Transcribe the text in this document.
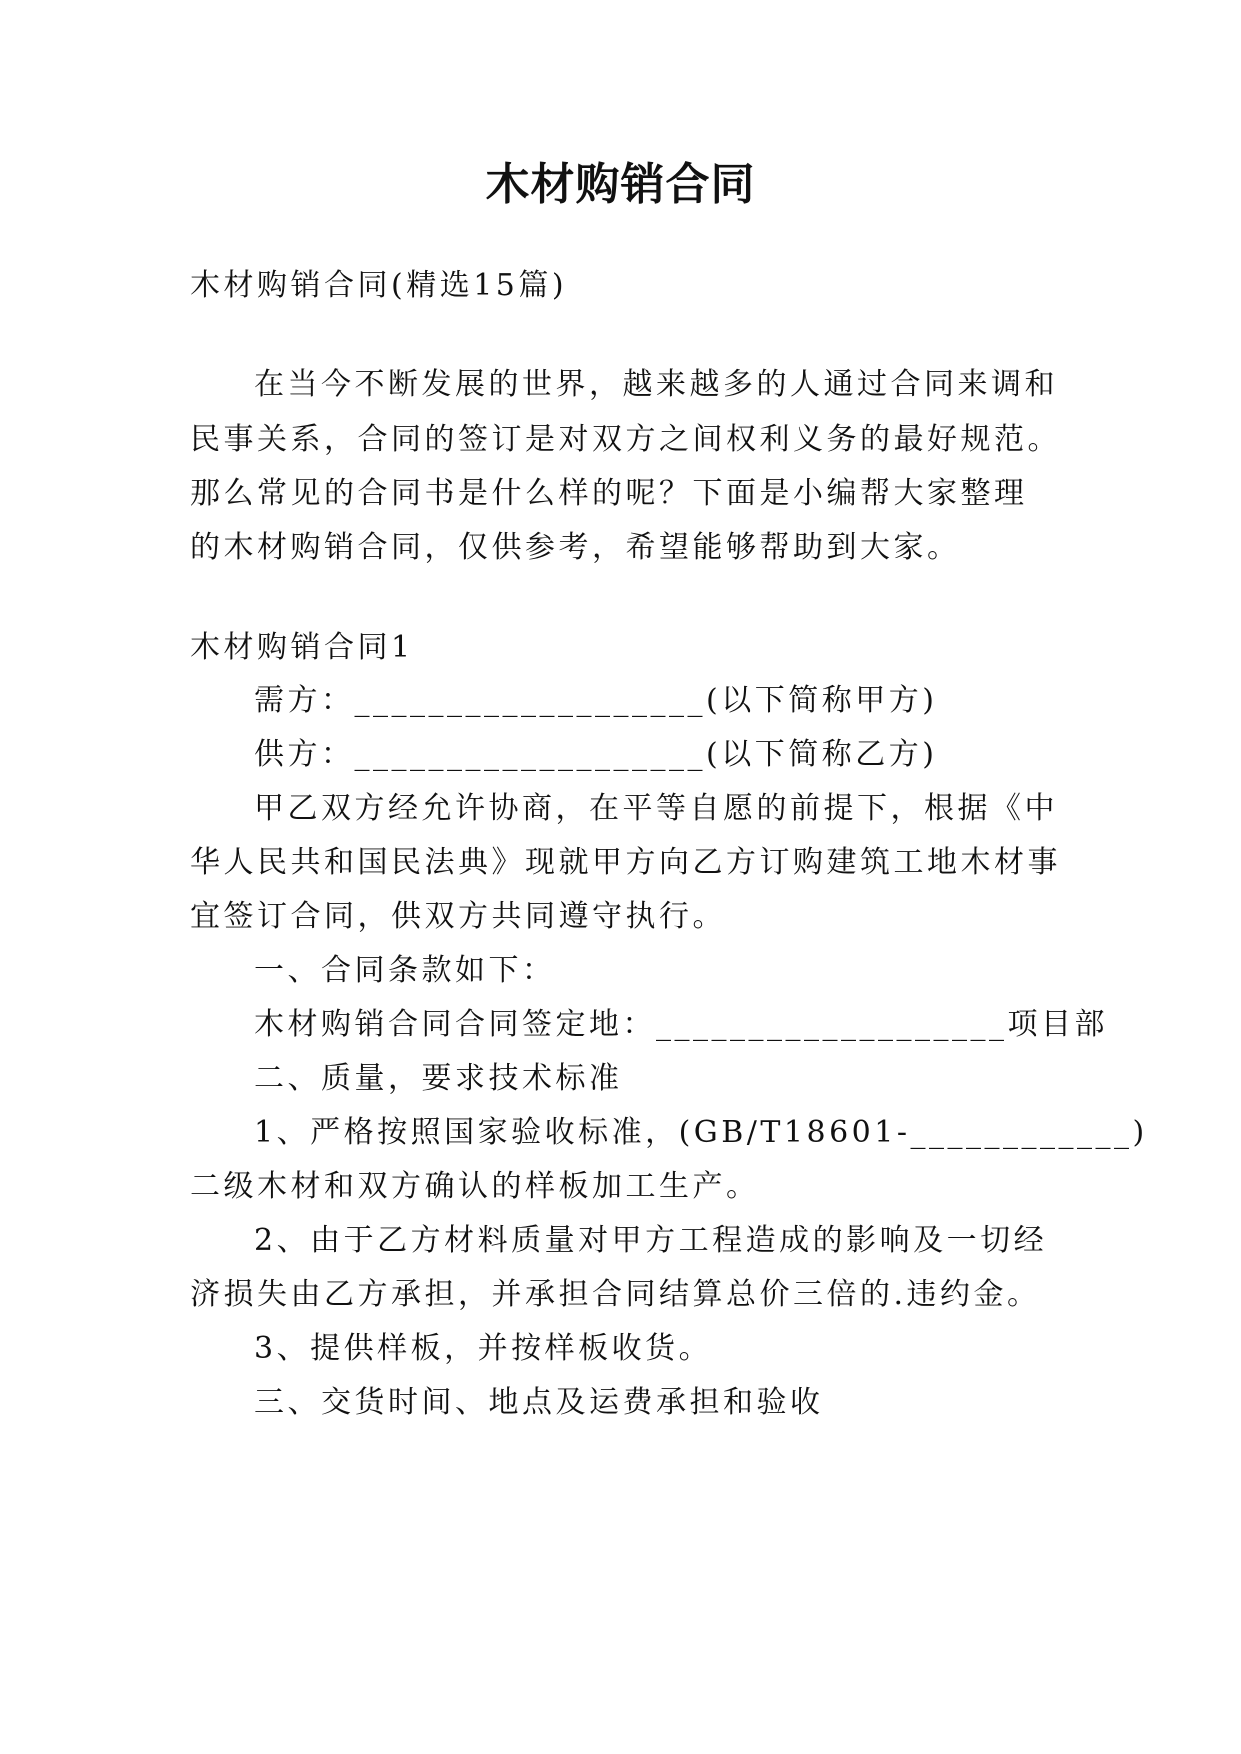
木材购销合同
木材购销合同(精选15篇)
在当今不断发展的世界，越来越多的人通过合同来调和
民事关系，合同的签订是对双方之间权利义务的最好规范。
那么常见的合同书是什么样的呢？下面是小编帮大家整理
的木材购销合同，仅供参考，希望能够帮助到大家。
木材购销合同1
需方：___________________(以下简称甲方)
供方：___________________(以下简称乙方)
甲乙双方经允许协商，在平等自愿的前提下，根据《中
华人民共和国民法典》现就甲方向乙方订购建筑工地木材事
宜签订合同，供双方共同遵守执行。
一、合同条款如下：
木材购销合同合同签定地：___________________项目部
二、质量，要求技术标准
1、严格按照国家验收标准，(GB/T18601-____________)
二级木材和双方确认的样板加工生产。
2、由于乙方材料质量对甲方工程造成的影响及一切经
济损失由乙方承担，并承担合同结算总价三倍的.违约金。
3、提供样板，并按样板收货。
三、交货时间、地点及运费承担和验收
